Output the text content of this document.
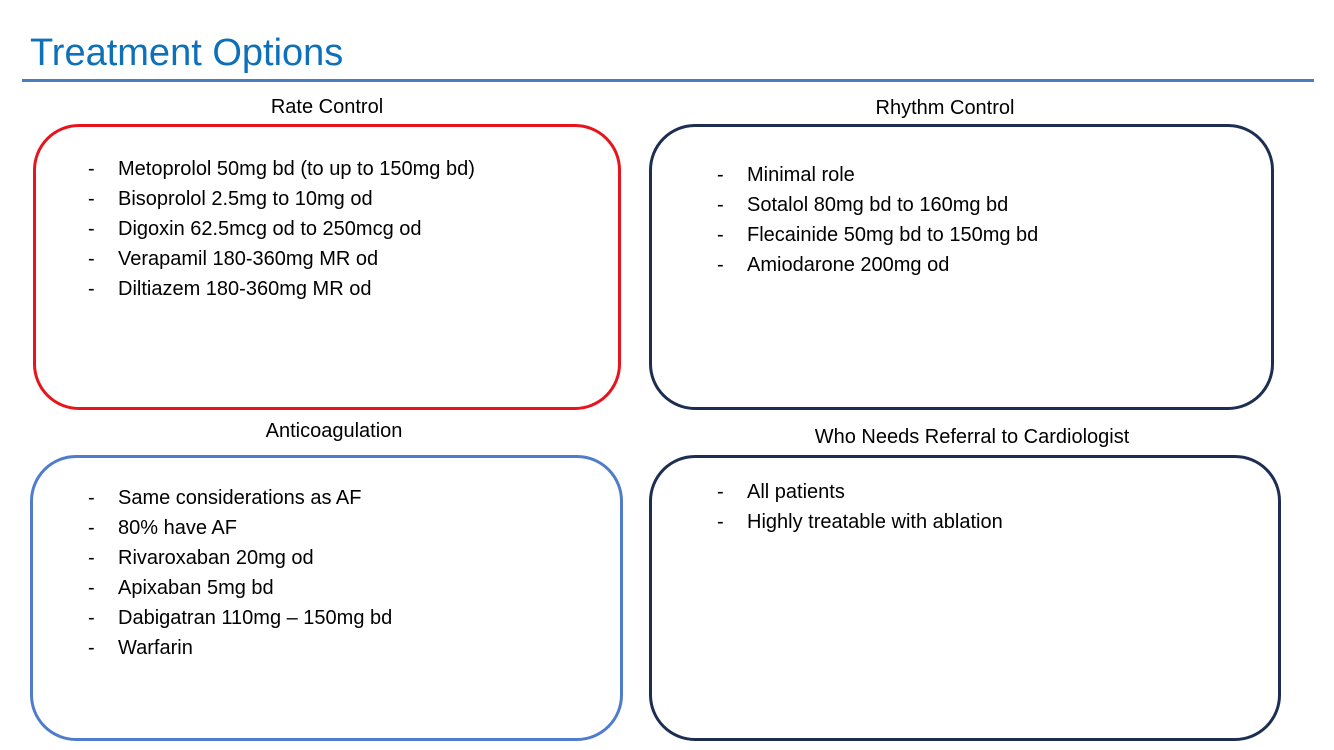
Treatment Options
Rate Control
-	Metoprolol 50mg bd (to up to 150mg bd)
-	Bisoprolol 2.5mg to 10mg od
-	Digoxin 62.5mcg od to 250mcg od
-	Verapamil 180-360mg MR od
-	Diltiazem 180-360mg MR od
Rhythm Control
-	Minimal role
-	Sotalol 80mg bd to 160mg bd
-	Flecainide 50mg bd to 150mg bd
-	Amiodarone 200mg od
Anticoagulation
-	Same considerations as AF
-	80% have AF
-	Rivaroxaban 20mg od
-	Apixaban 5mg bd
-	Dabigatran 110mg – 150mg bd
-	Warfarin
Who Needs Referral to Cardiologist
-	All patients
-	Highly treatable with ablation
